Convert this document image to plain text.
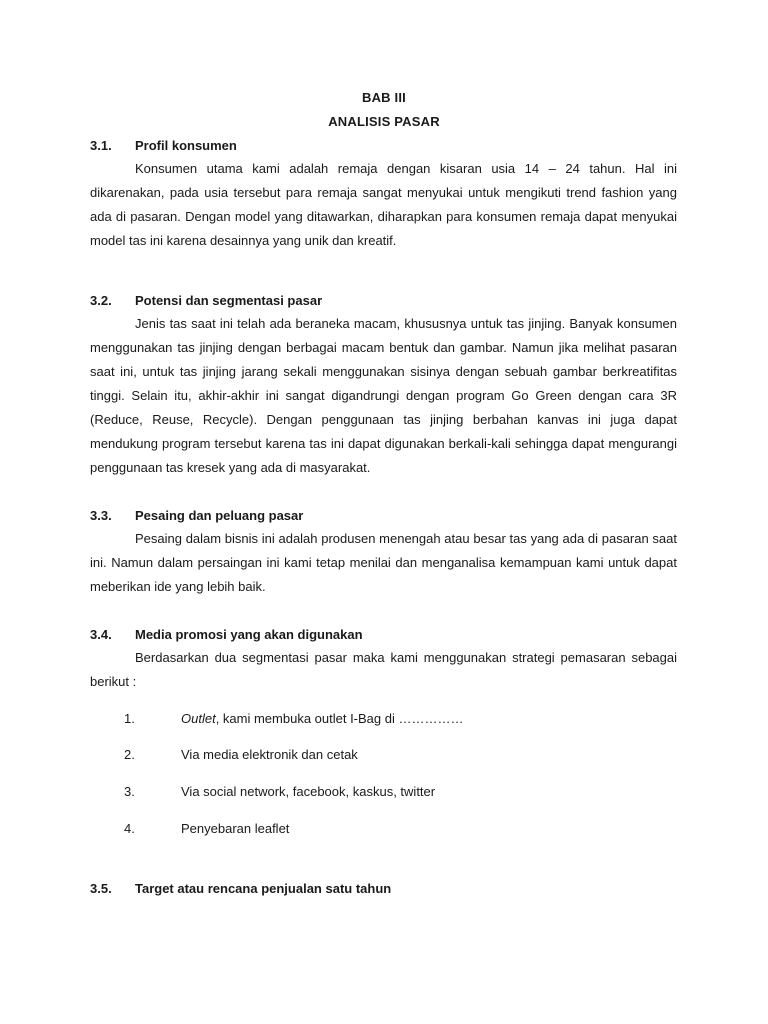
BAB III
ANALISIS PASAR
3.1. Profil konsumen

Konsumen utama kami adalah remaja dengan kisaran usia 14 – 24 tahun. Hal ini dikarenakan, pada usia tersebut para remaja sangat menyukai untuk mengikuti trend fashion yang ada di pasaran. Dengan model yang ditawarkan, diharapkan para konsumen remaja dapat menyukai model tas ini karena desainnya yang unik dan kreatif.

3.2. Potensi dan segmentasi pasar

Jenis tas saat ini telah ada beraneka macam, khususnya untuk tas jinjing. Banyak konsumen menggunakan tas jinjing dengan berbagai macam bentuk dan gambar. Namun jika melihat pasaran saat ini, untuk tas jinjing jarang sekali menggunakan sisinya dengan sebuah gambar berkreatifitas tinggi. Selain itu, akhir-akhir ini sangat digandrungi dengan program Go Green dengan cara 3R (Reduce, Reuse, Recycle). Dengan penggunaan tas jinjing berbahan kanvas ini juga dapat mendukung program tersebut karena tas ini dapat digunakan berkali-kali sehingga dapat mengurangi penggunaan tas kresek yang ada di masyarakat.

3.3. Pesaing dan peluang pasar

Pesaing dalam bisnis ini adalah produsen menengah atau besar tas yang ada di pasaran saat ini. Namun dalam persaingan ini kami tetap menilai dan menganalisa kemampuan kami untuk dapat meberikan ide yang lebih baik.

3.4. Media promosi yang akan digunakan

Berdasarkan dua segmentasi pasar maka kami menggunakan strategi pemasaran sebagai berikut :

1.	Outlet, kami membuka outlet I-Bag di ……………
2.	Via media elektronik dan cetak
3.	Via social network, facebook, kaskus, twitter
4.	Penyebaran leaflet
3.5. Target atau rencana penjualan satu tahun
